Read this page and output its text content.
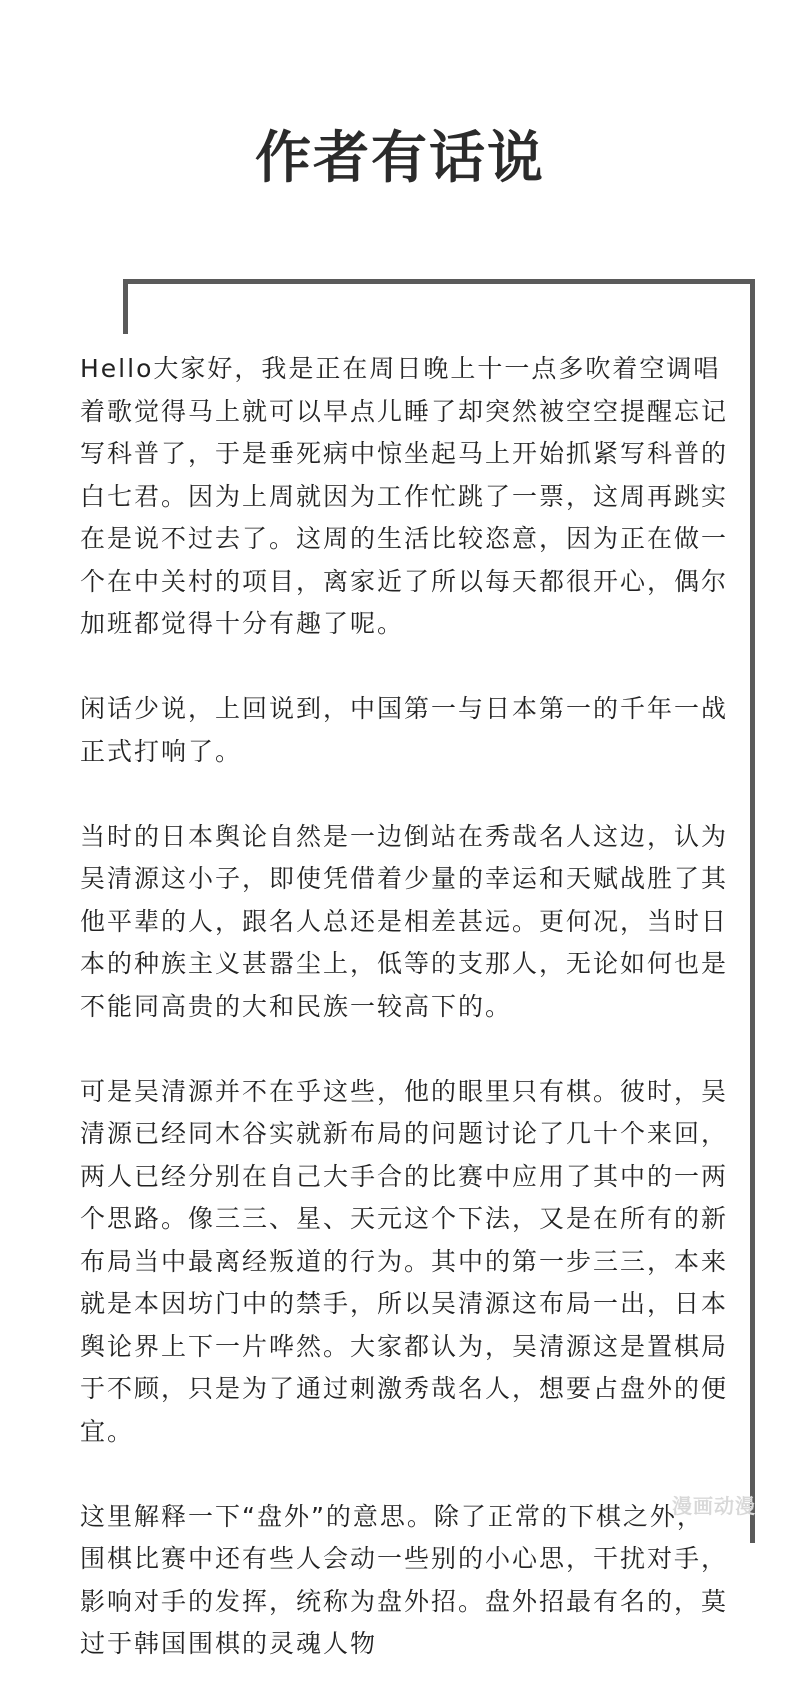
作者有话说

Hello大家好，我是正在周日晚上十一点多吹着空调唱着歌觉得马上就可以早点儿睡了却突然被空空提醒忘记写科普了，于是垂死病中惊坐起马上开始抓紧写科普的白七君。因为上周就因为工作忙跳了一票，这周再跳实在是说不过去了。这周的生活比较恣意，因为正在做一个在中关村的项目，离家近了所以每天都很开心，偶尔加班都觉得十分有趣了呢。

闲话少说，上回说到，中国第一与日本第一的千年一战正式打响了。

当时的日本舆论自然是一边倒站在秀哉名人这边，认为吴清源这小子，即使凭借着少量的幸运和天赋战胜了其他平辈的人，跟名人总还是相差甚远。更何况，当时日本的种族主义甚嚣尘上，低等的支那人，无论如何也是不能同高贵的大和民族一较高下的。

可是吴清源并不在乎这些，他的眼里只有棋。彼时，吴清源已经同木谷实就新布局的问题讨论了几十个来回，两人已经分别在自己大手合的比赛中应用了其中的一两个思路。像三三、星、天元这个下法，又是在所有的新布局当中最离经叛道的行为。其中的第一步三三，本来就是本因坊门中的禁手，所以吴清源这布局一出，日本舆论界上下一片哗然。大家都认为，吴清源这是置棋局于不顾，只是为了通过刺激秀哉名人，想要占盘外的便宜。

这里解释一下“盘外”的意思。除了正常的下棋之外，围棋比赛中还有些人会动一些别的小心思，干扰对手，影响对手的发挥，统称为盘外招。盘外招最有名的，莫过于韩国围棋的灵魂人物

漫画动漫
